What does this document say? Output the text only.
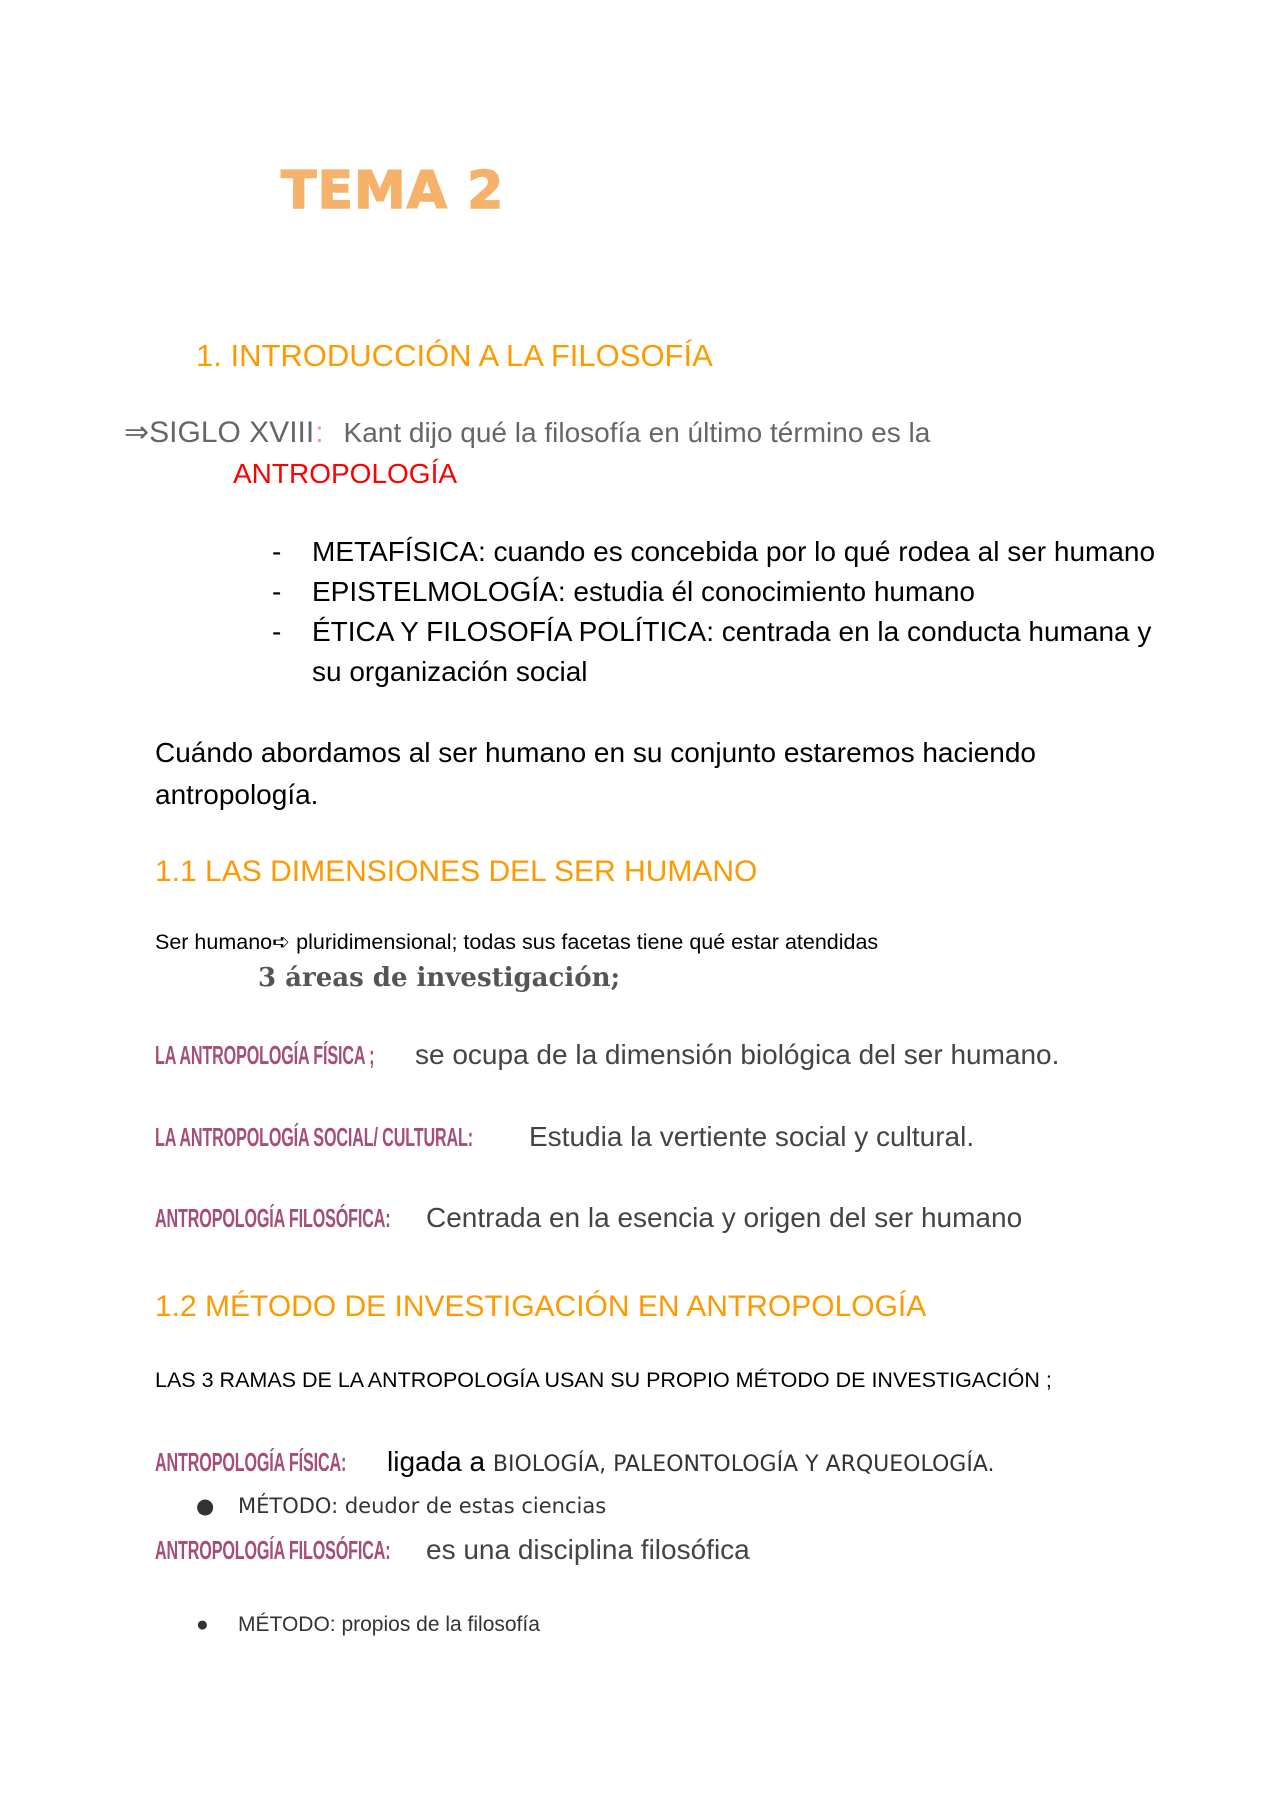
TEMA 2
1. INTRODUCCIÓN A LA FILOSOFÍA
⇒SIGLO XVIII: Kant dijo qué la filosofía en último término es la
ANTROPOLOGÍA
- METAFÍSICA: cuando es concebida por lo qué rodea al ser humano
- EPISTELMOLOGÍA: estudia él conocimiento humano
- ÉTICA Y FILOSOFÍA POLÍTICA: centrada en la conducta humana y
su organización social
Cuándo abordamos al ser humano en su conjunto estaremos haciendo
antropología.
1.1 LAS DIMENSIONES DEL SER HUMANO
Ser humano➪ pluridimensional; todas sus facetas tiene qué estar atendidas
3 áreas de investigación;
LA ANTROPOLOGÍA FÍSICA ; se ocupa de la dimensión biológica del ser humano.
LA ANTROPOLOGÍA SOCIAL/ CULTURAL: Estudia la vertiente social y cultural.
ANTROPOLOGÍA FILOSÓFICA: Centrada en la esencia y origen del ser humano
1.2 MÉTODO DE INVESTIGACIÓN EN ANTROPOLOGÍA
LAS 3 RAMAS DE LA ANTROPOLOGÍA USAN SU PROPIO MÉTODO DE INVESTIGACIÓN ;
ANTROPOLOGÍA FÍSICA: ligada a BIOLOGÍA, PALEONTOLOGÍA Y ARQUEOLOGÍA.
● MÉTODO: deudor de estas ciencias
ANTROPOLOGÍA FILOSÓFICA: es una disciplina filosófica
● MÉTODO: propios de la filosofía
